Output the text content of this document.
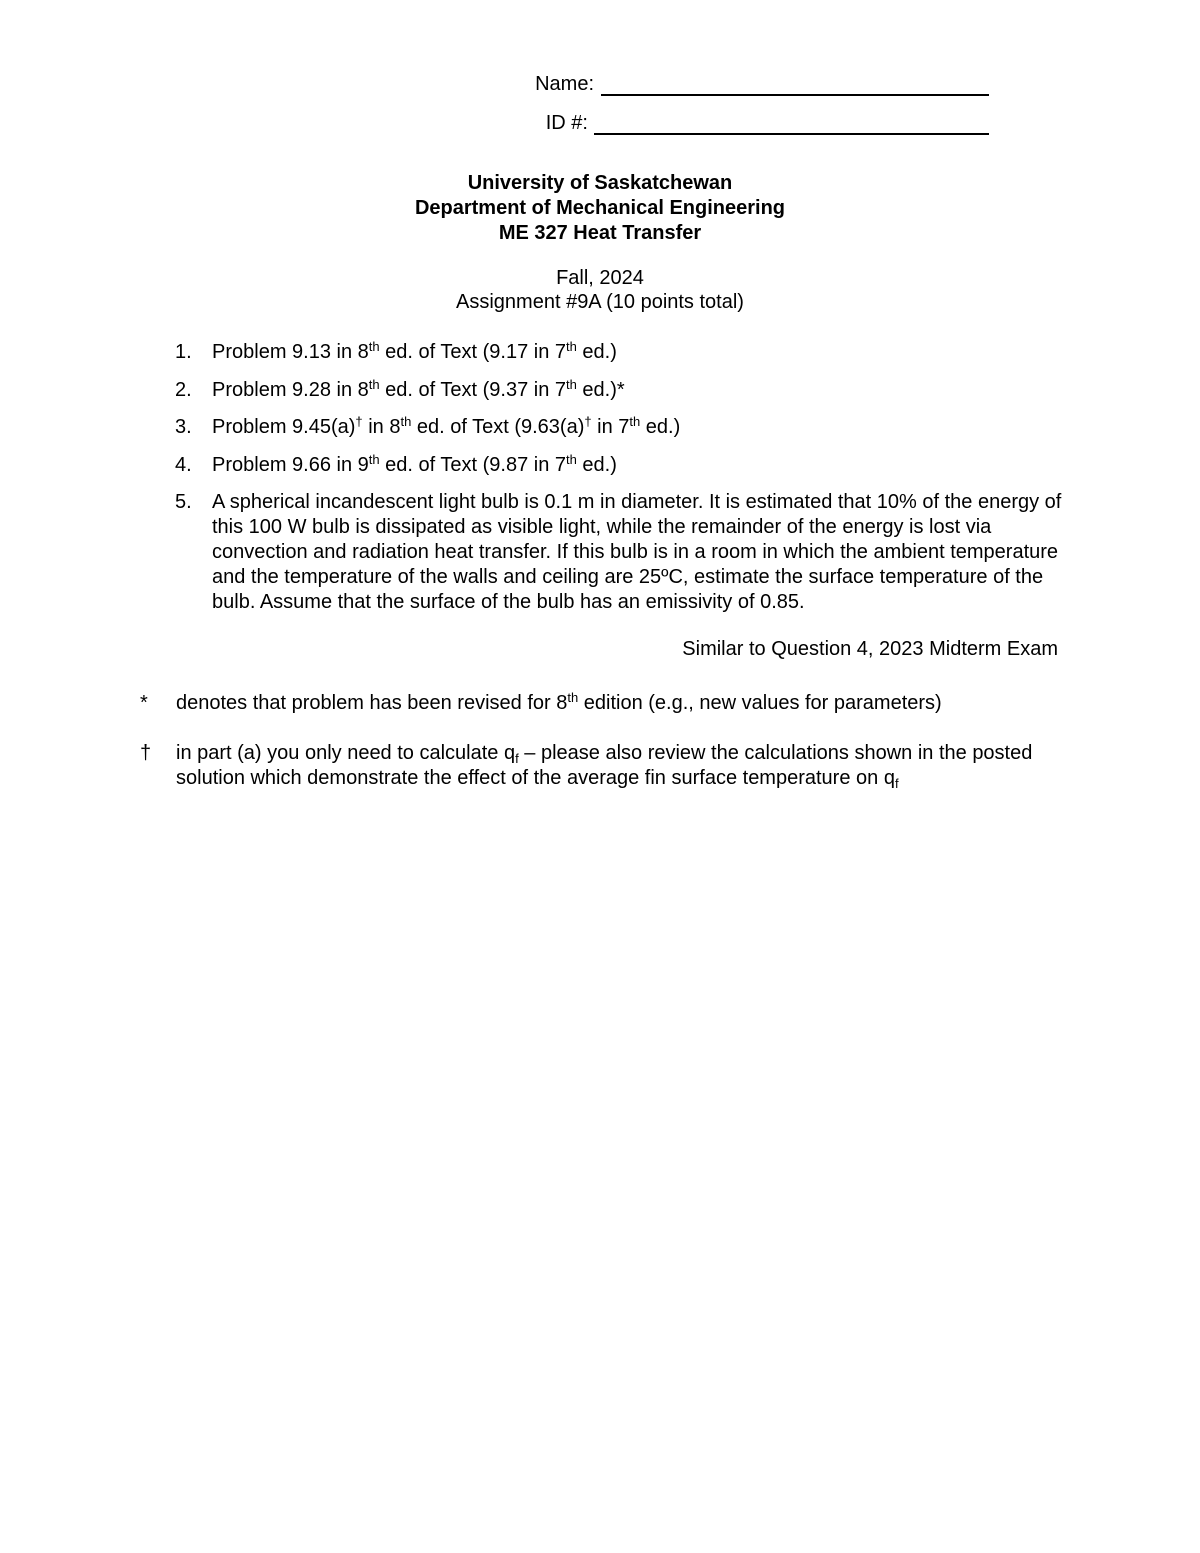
Name:
ID #:
University of Saskatchewan
Department of Mechanical Engineering
ME 327 Heat Transfer
Fall, 2024
Assignment #9A (10 points total)
1. Problem 9.13 in 8th ed. of Text (9.17 in 7th ed.)
2. Problem 9.28 in 8th ed. of Text (9.37 in 7th ed.)*
3. Problem 9.45(a)† in 8th ed. of Text (9.63(a)† in 7th ed.)
4. Problem 9.66 in 9th ed. of Text (9.87 in 7th ed.)
5. A spherical incandescent light bulb is 0.1 m in diameter. It is estimated that 10% of the energy of this 100 W bulb is dissipated as visible light, while the remainder of the energy is lost via convection and radiation heat transfer. If this bulb is in a room in which the ambient temperature and the temperature of the walls and ceiling are 25ºC, estimate the surface temperature of the bulb. Assume that the surface of the bulb has an emissivity of 0.85.
Similar to Question 4, 2023 Midterm Exam
*	denotes that problem has been revised for 8th edition (e.g., new values for parameters)
†	in part (a) you only need to calculate $q_f$ – please also review the calculations shown in the posted solution which demonstrate the effect of the average fin surface temperature on $q_f$
